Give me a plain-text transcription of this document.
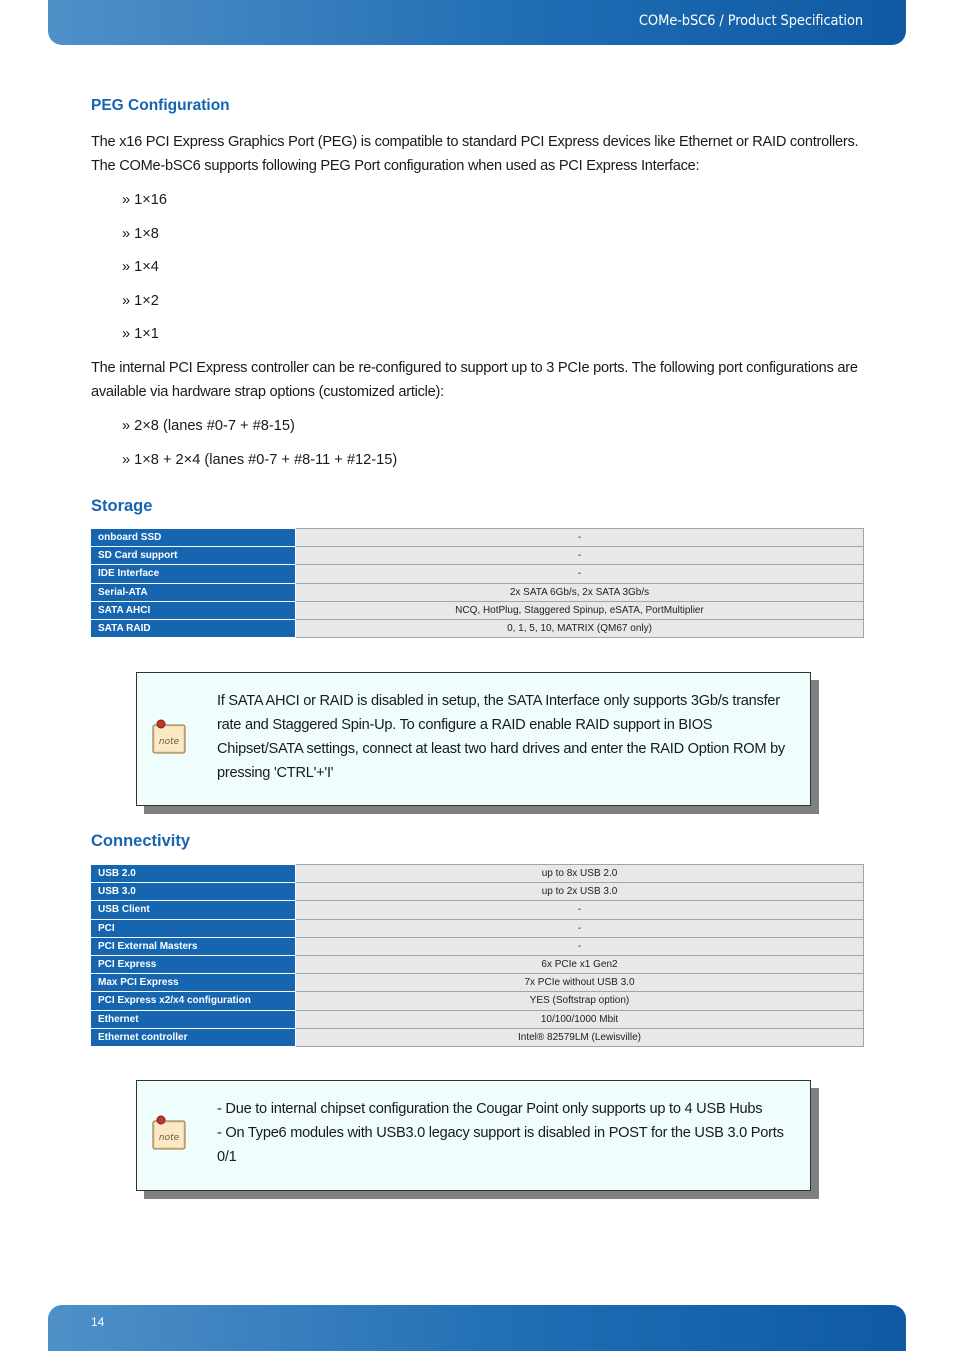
COMe-bSC6 / Product Specification
PEG Configuration

The x16 PCI Express Graphics Port (PEG) is compatible to standard PCI Express devices like Ethernet or RAID controllers. The COMe-bSC6 supports following PEG Port configuration when used as PCI Express Interface:

» 1×16
» 1×8
» 1×4
» 1×2
» 1×1

The internal PCI Express controller can be re-configured to support up to 3 PCIe ports. The following port configurations are available via hardware strap options (customized article):

» 2×8 (lanes #0-7 + #8-15)
» 1×8 + 2×4 (lanes #0-7 + #8-11 + #12-15)
Storage
onboard SSD	-
SD Card support	-
IDE Interface	-
Serial-ATA	2x SATA 6Gb/s, 2x SATA 3Gb/s
SATA AHCI	NCQ, HotPlug, Staggered Spinup, eSATA, PortMultiplier
SATA RAID	0, 1, 5, 10, MATRIX (QM67 only)
Connectivity
USB 2.0	up to 8x USB 2.0
USB 3.0	up to 2x USB 3.0
USB Client	-
PCI	-
PCI External Masters	-
PCI Express	6x PCIe x1 Gen2
Max PCI Express	7x PCIe without USB 3.0
PCI Express x2/x4 configuration	YES (Softstrap option)
Ethernet	10/100/1000 Mbit
Ethernet controller	Intel® 82579LM (Lewisville)
note
If SATA AHCI or RAID is disabled in setup, the SATA Interface only supports 3Gb/s transfer rate and Staggered Spin-Up. To configure a RAID enable RAID support in BIOS Chipset/SATA settings, connect at least two hard drives and enter the RAID Option ROM by pressing 'CTRL'+'I'
note
- Due to internal chipset configuration the Cougar Point only supports up to 4 USB Hubs
- On Type6 modules with USB3.0 legacy support is disabled in POST for the USB 3.0 Ports 0/1
14
